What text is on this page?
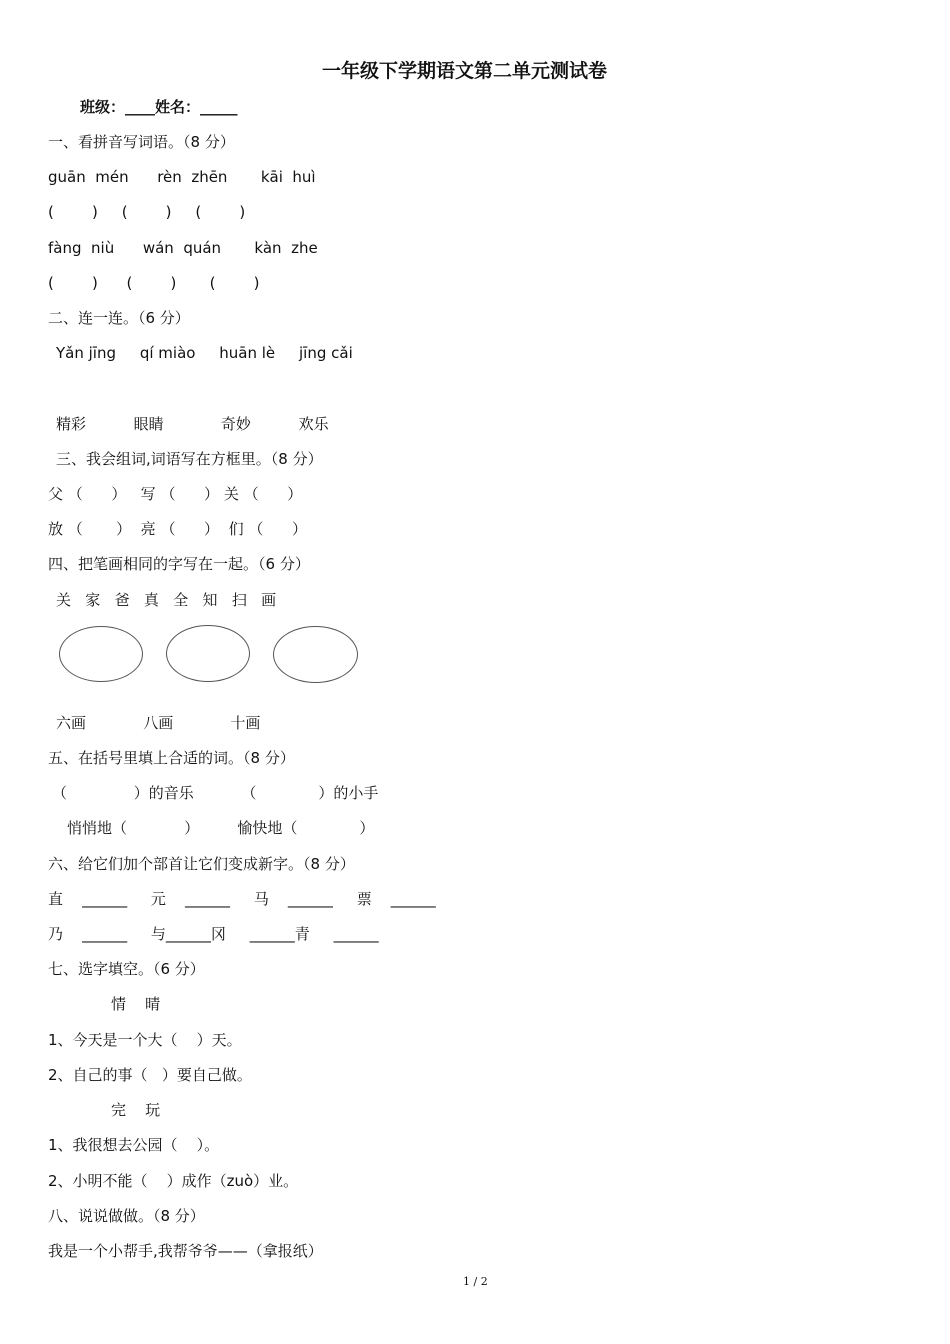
一年级下学期语文第二单元测试卷
班级：____姓名：_____
一、看拼音写词语。（8 分）
guān  mén      rèn  zhēn       kāi  huì
(        )     (        )     (        )
fàng  niù      wán  quán       kàn  zhe
(        )      (        )       (        )
二、连一连。（6 分）
Yǎn jīng     qí miào     huān lè     jīng cǎi
精彩          眼睛            奇妙          欢乐
三、我会组词,词语写在方框里。（8 分）
父 （      ）   写 （      ） 关 （      ）
放 （       ）  亮 （      ）  们 （      ）
四、把笔画相同的字写在一起。（6 分）
关   家   爸   真   全   知   扫   画
六画            八画            十画
五、在括号里填上合适的词。（8 分）
（              ）的音乐          （             ）的小手
悄悄地（            ）        愉快地（             ）
六、给它们加个部首让它们变成新字。（8 分）
直    ______     元    ______     马    ______     票    ______
乃    ______     与______冈     ______青     ______
七、选字填空。（6 分）
情    晴
1、今天是一个大（    ）天。
2、自己的事（   ）要自己做。
完    玩
1、我很想去公园（    ）。
2、小明不能（    ）成作（zuò）业。
八、说说做做。（8 分）
我是一个小帮手,我帮爷爷——（拿报纸）
1 / 2
